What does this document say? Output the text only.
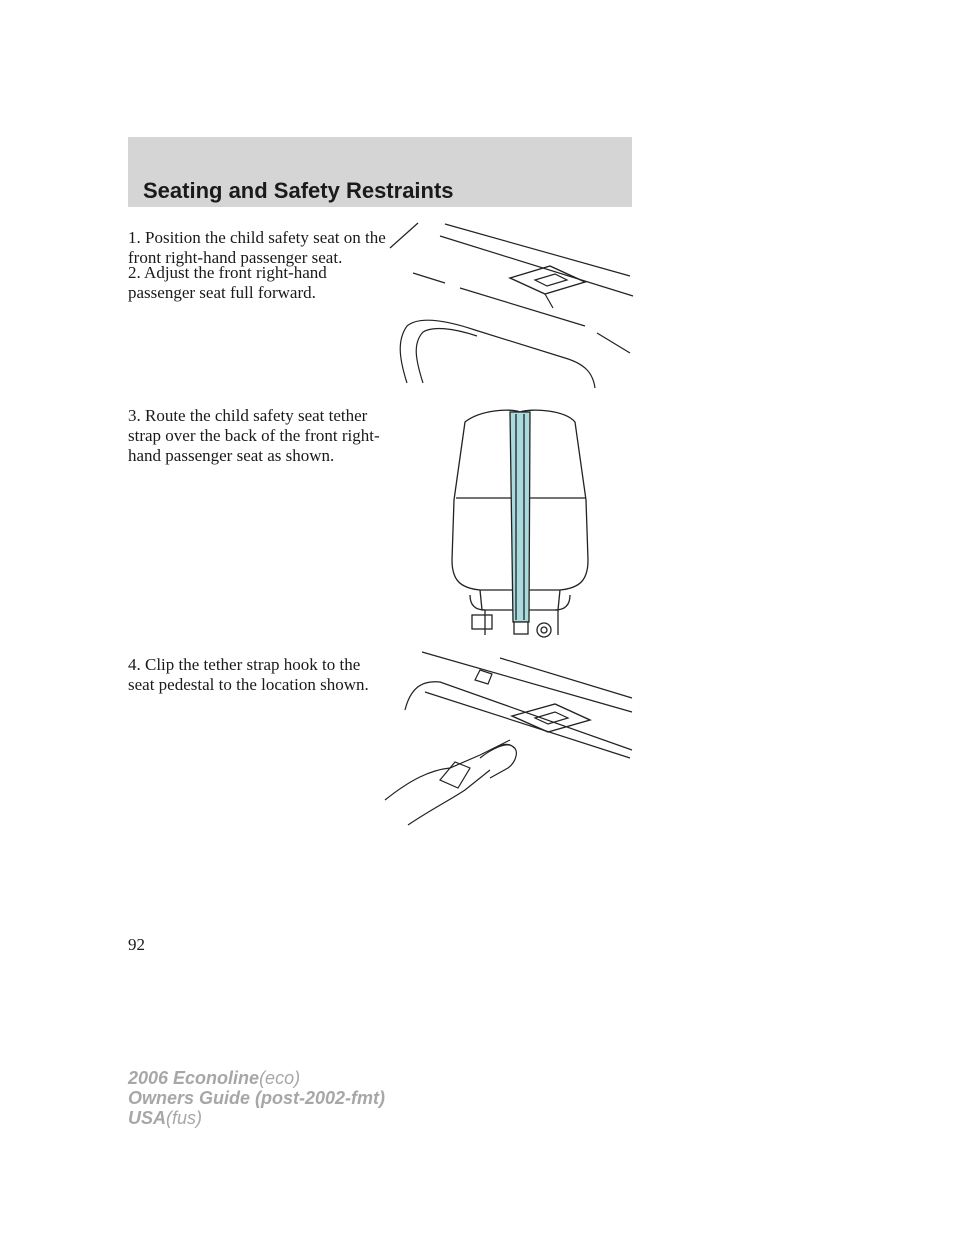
Seating and Safety Restraints

1. Position the child safety seat on the front right-hand passenger seat.

2. Adjust the front right-hand passenger seat full forward.

3. Route the child safety seat tether strap over the back of the front right-hand passenger seat as shown.

4. Clip the tether strap hook to the seat pedestal to the location shown.

92
2006 Econoline(eco)
Owners Guide (post-2002-fmt)
USA(fus)
